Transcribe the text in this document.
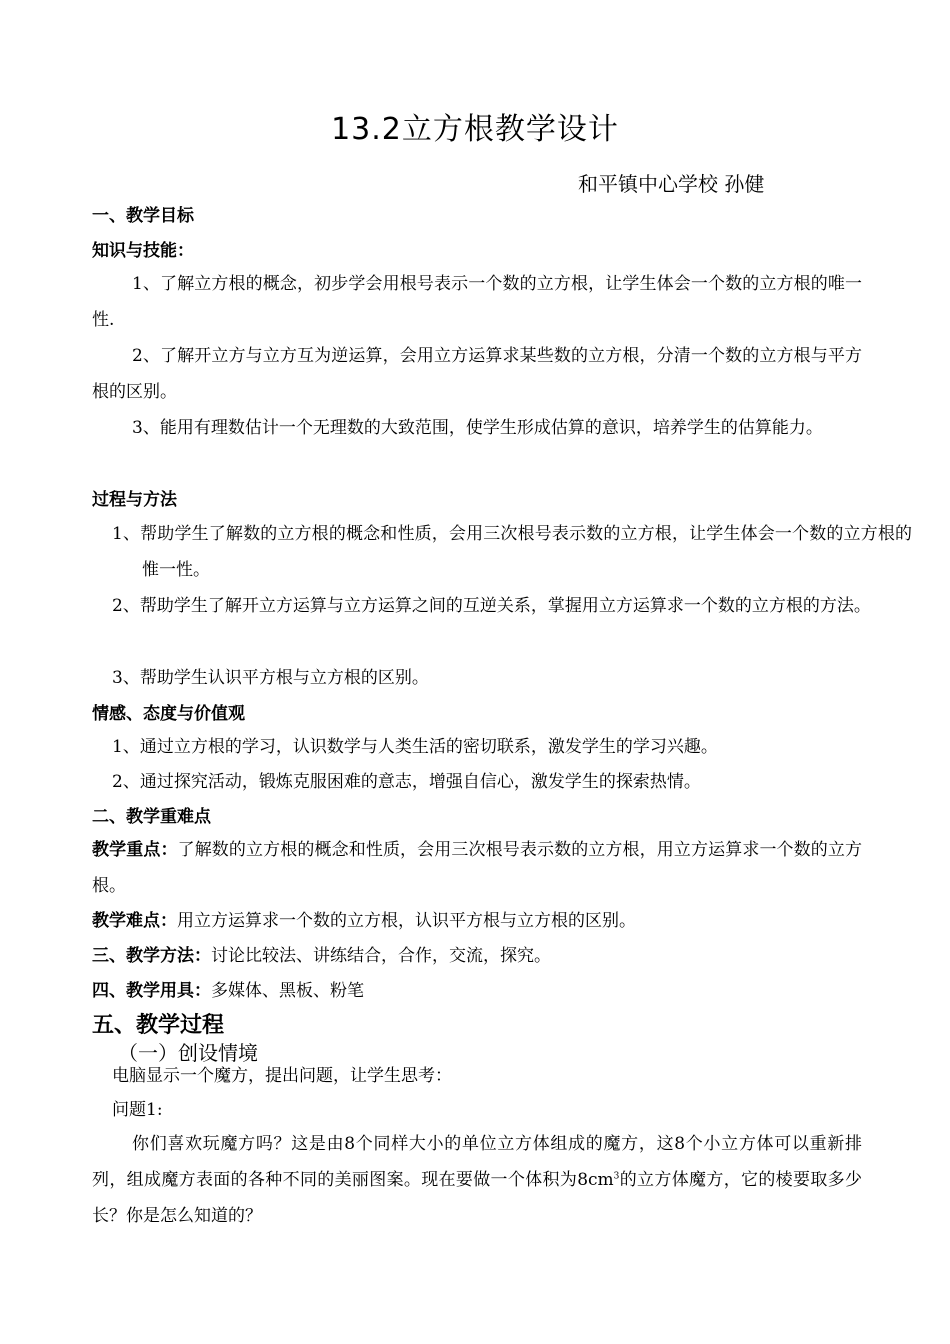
13.2立方根教学设计
和平镇中心学校 孙健
一、教学目标
知识与技能：
1、了解立方根的概念，初步学会用根号表示一个数的立方根，让学生体会一个数的立方根的唯一性.
2、了解开立方与立方互为逆运算，会用立方运算求某些数的立方根，分清一个数的立方根与平方根的区别。
3、能用有理数估计一个无理数的大致范围，使学生形成估算的意识，培养学生的估算能力。
过程与方法
1、帮助学生了解数的立方根的概念和性质，会用三次根号表示数的立方根，让学生体会一个数的立方根的惟一性。
2、帮助学生了解开立方运算与立方运算之间的互逆关系，掌握用立方运算求一个数的立方根的方法。
3、帮助学生认识平方根与立方根的区别。
情感、态度与价值观
1、通过立方根的学习，认识数学与人类生活的密切联系，激发学生的学习兴趣。
2、通过探究活动，锻炼克服困难的意志，增强自信心，激发学生的探索热情。
二、教学重难点
教学重点：了解数的立方根的概念和性质，会用三次根号表示数的立方根，用立方运算求一个数的立方根。
教学难点：用立方运算求一个数的立方根，认识平方根与立方根的区别。
三、教学方法：讨论比较法、讲练结合，合作，交流，探究。
四、教学用具：多媒体、黑板、粉笔
五、教学过程
（一）创设情境
电脑显示一个魔方，提出问题，让学生思考：
问题1:
你们喜欢玩魔方吗？这是由8个同样大小的单位立方体组成的魔方，这8个小立方体可以重新排列，组成魔方表面的各种不同的美丽图案。现在要做一个体积为$8cm^3$的立方体魔方，它的棱要取多少长？你是怎么知道的？
